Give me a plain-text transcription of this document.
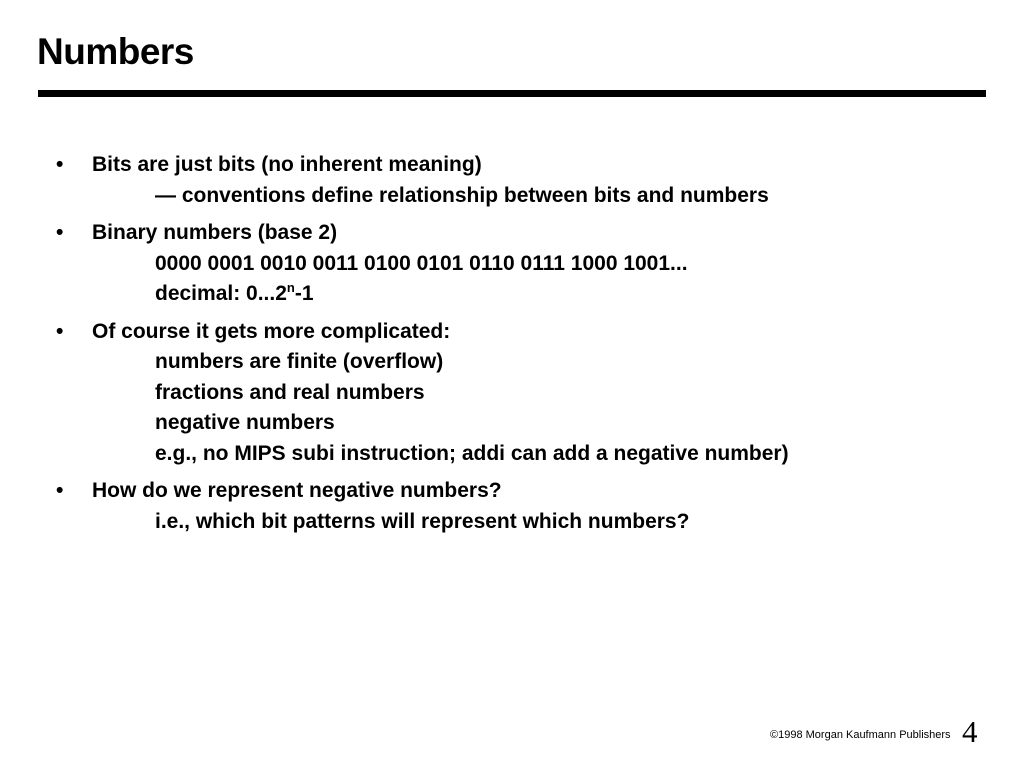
Numbers
•	Bits are just bits (no inherent meaning)
— conventions define relationship between bits and numbers
•	Binary numbers (base 2)
0000 0001 0010 0011 0100 0101 0110 0111 1000 1001...
decimal: 0...2$^n$-1
•	Of course it gets more complicated:
numbers are finite (overflow)
fractions and real numbers
negative numbers
e.g., no MIPS subi instruction; addi can add a negative number)
•	How do we represent negative numbers?
i.e., which bit patterns will represent which numbers?
©1998 Morgan Kaufmann Publishers 4
